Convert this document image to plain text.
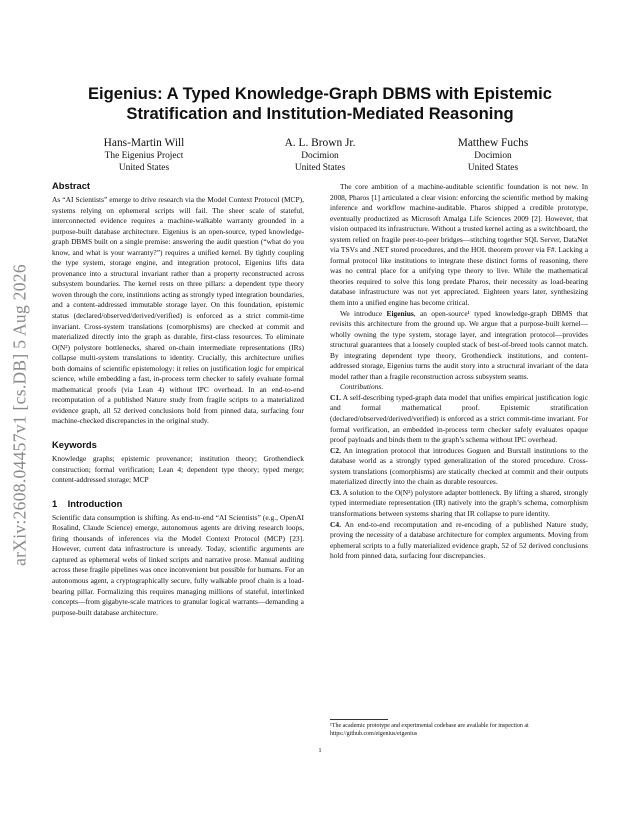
arXiv:2608.04457v1 [cs.DB] 5 Aug 2026
Eigenius: A Typed Knowledge-Graph DBMS with Epistemic Stratification and Institution-Mediated Reasoning
Hans-Martin Will
The Eigenius Project
United States
A. L. Brown Jr.
Docimion
United States
Matthew Fuchs
Docimion
United States
Abstract

As “AI Scientists” emerge to drive research via the Model Context Protocol (MCP), systems relying on ephemeral scripts will fail. The sheer scale of stateful, interconnected evidence requires a machine-walkable warranty grounded in a purpose-built database architecture. Eigenius is an open-source, typed knowledge-graph DBMS built on a single premise: answering the audit question (“what do you know, and what is your warranty?”) requires a unified kernel. By tightly coupling the type system, storage engine, and integration protocol, Eigenius lifts data provenance into a structural invariant rather than a property reconstructed across subsystem boundaries. The kernel rests on three pillars: a dependent type theory woven through the core, institutions acting as strongly typed integration boundaries, and a content-addressed immutable storage layer. On this foundation, epistemic status (declared/observed/derived/verified) is enforced as a strict commit-time invariant. Cross-system translations (comorphisms) are checked at commit and materialized directly into the graph as durable, first-class resources. To eliminate O(N²) polystore bottlenecks, shared on-chain intermediate representations (IRs) collapse multi-system translations to identity. Crucially, this architecture unifies both domains of scientific epistemology: it relies on justification logic for empirical science, while embedding a fast, in-process term checker to safely evaluate formal mathematical proofs (via Lean 4) without IPC overhead. In an end-to-end recomputation of a published Nature study from fragile scripts to a materialized evidence graph, all 52 derived conclusions hold from pinned data, surfacing four machine-checked discrepancies in the original study.

Keywords

Knowledge graphs; epistemic provenance; institution theory; Grothendieck construction; formal verification; Lean 4; dependent type theory; typed merge; content-addressed storage; MCP

1 Introduction

Scientific data consumption is shifting. As end-to-end “AI Scientists” (e.g., OpenAI Rosalind, Claude Science) emerge, autonomous agents are driving research loops, firing thousands of inferences via the Model Context Protocol (MCP) [23]. However, current data infrastructure is unready. Today, scientific arguments are captured as ephemeral webs of linked scripts and narrative prose. Manual auditing across these fragile pipelines was once inconvenient but possible for humans. For an autonomous agent, a cryptographically secure, fully walkable proof chain is a load-bearing pillar. Formalizing this requires managing millions of stateful, interlinked concepts—from gigabyte-scale matrices to granular logical warrants—demanding a purpose-built database architecture.

The core ambition of a machine-auditable scientific foundation is not new. In 2008, Pharos [1] articulated a clear vision: enforcing the scientific method by making inference and workflow machine-auditable. Pharos shipped a credible prototype, eventually productized as Microsoft Amalga Life Sciences 2009 [2]. However, that vision outpaced its infrastructure. Without a trusted kernel acting as a switchboard, the system relied on fragile peer-to-peer bridges—stitching together SQL Server, DataNet via TSVs and .NET stored procedures, and the HOL theorem prover via F#. Lacking a formal protocol like institutions to integrate these distinct forms of reasoning, there was no central place for a unifying type theory to live. While the mathematical theories required to solve this long predate Pharos, their necessity as load-bearing database infrastructure was not yet appreciated. Eighteen years later, synthesizing them into a unified engine has become critical.

We introduce Eigenius, an open-source¹ typed knowledge-graph DBMS that revisits this architecture from the ground up. We argue that a purpose-built kernel—wholly owning the type system, storage layer, and integration protocol—provides structural guarantees that a loosely coupled stack of best-of-breed tools cannot match. By integrating dependent type theory, Grothendieck institutions, and content-addressed storage, Eigenius turns the audit story into a structural invariant of the data model rather than a fragile reconstruction across subsystem seams.

Contributions.

C1. A self-describing typed-graph data model that unifies empirical justification logic and formal mathematical proof. Epistemic stratification (declared/observed/derived/verified) is enforced as a strict commit-time invariant. For formal verification, an embedded in-process term checker safely evaluates opaque proof payloads and binds them to the graph’s schema without IPC overhead.

C2. An integration protocol that introduces Goguen and Burstall institutions to the database world as a strongly typed generalization of the stored procedure. Cross-system translations (comorphisms) are statically checked at commit and their outputs materialized directly into the chain as durable resources.

C3. A solution to the O(N²) polystore adapter bottleneck. By lifting a shared, strongly typed intermediate representation (IR) natively into the graph’s schema, comorphism transformations between systems sharing that IR collapse to pure identity.

C4. An end-to-end recomputation and re-encoding of a published Nature study, proving the necessity of a database architecture for complex arguments. Moving from ephemeral scripts to a fully materialized evidence graph, 52 of 52 derived conclusions hold from pinned data, surfacing four discrepancies.

¹The academic prototype and experimental codebase are available for inspection at https://github.com/eigenius/eigenius
1
